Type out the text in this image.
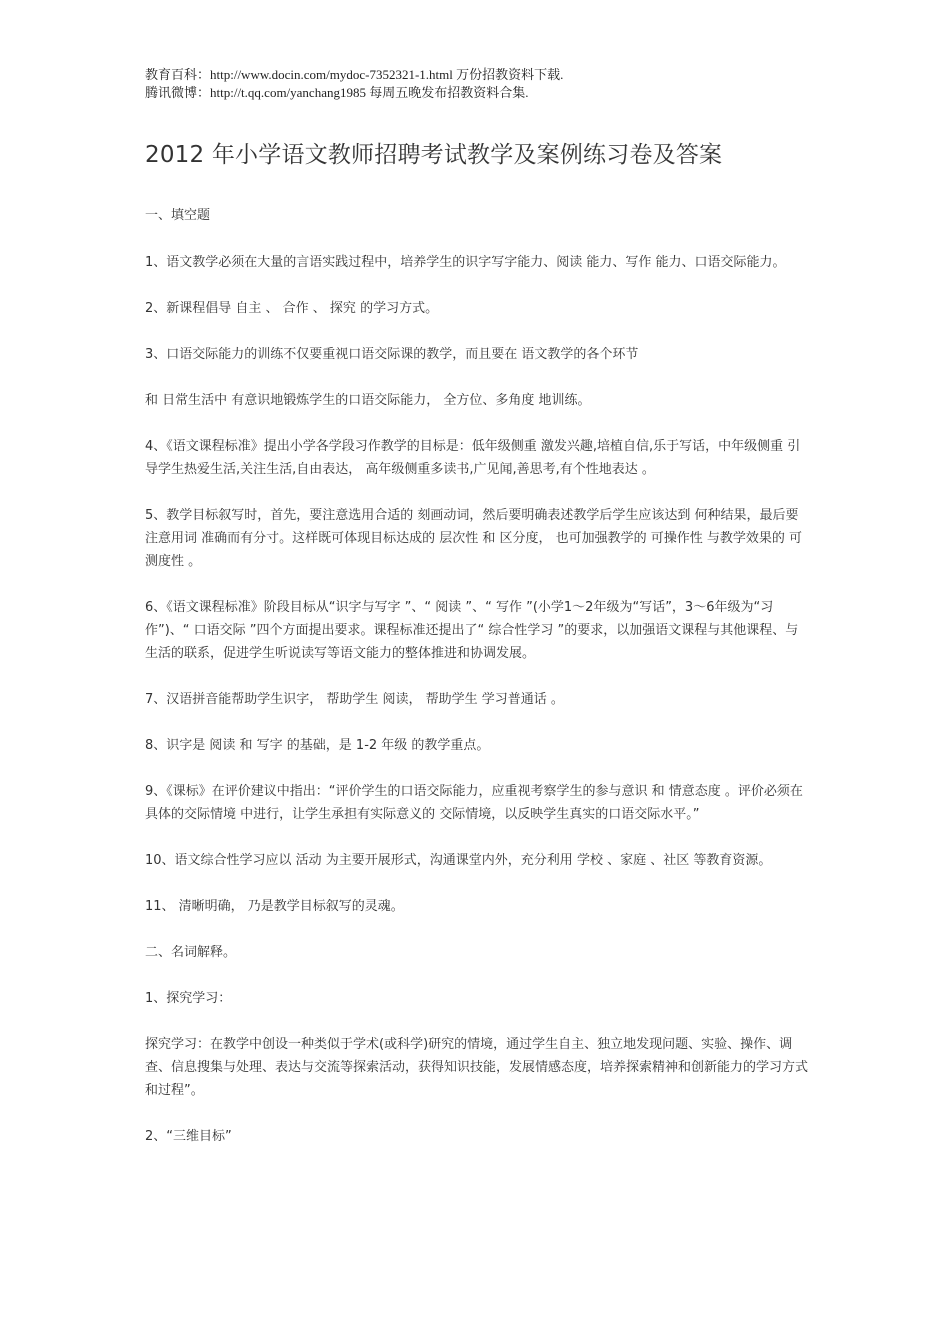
教育百科：http://www.docin.com/mydoc-7352321-1.html 万份招教资料下载.
腾讯微博：http://t.qq.com/yanchang1985 每周五晚发布招教资料合集.
2012 年小学语文教师招聘考试教学及案例练习卷及答案
一、填空题

1、语文教学必须在大量的言语实践过程中，培养学生的识字写字能力、阅读 能力、写作 能力、口语交际能力。

2、新课程倡导 自主 、 合作 、 探究 的学习方式。

3、口语交际能力的训练不仅要重视口语交际课的教学，而且要在 语文教学的各个环节

和 日常生活中 有意识地锻炼学生的口语交际能力， 全方位、多角度 地训练。

4、《语文课程标准》提出小学各学段习作教学的目标是：低年级侧重 激发兴趣,培植自信,乐于写话，中年级侧重 引导学生热爱生活,关注生活,自由表达， 高年级侧重多读书,广见闻,善思考,有个性地表达 。

5、教学目标叙写时，首先，要注意选用合适的 刻画动词，然后要明确表述教学后学生应该达到 何种结果，最后要注意用词 准确而有分寸。这样既可体现目标达成的 层次性 和 区分度， 也可加强教学的 可操作性 与教学效果的 可测度性 。

6、《语文课程标准》阶段目标从“识字与写字 ”、“ 阅读 ”、“ 写作 ”(小学1～2年级为“写话”，3～6年级为“习作”)、“ 口语交际 ”四个方面提出要求。课程标准还提出了“ 综合性学习 ”的要求，以加强语文课程与其他课程、与生活的联系，促进学生听说读写等语文能力的整体推进和协调发展。

7、汉语拼音能帮助学生识字， 帮助学生 阅读， 帮助学生 学习普通话 。

8、识字是 阅读 和 写字 的基础，是 1-2 年级 的教学重点。

9、《课标》在评价建议中指出：“评价学生的口语交际能力，应重视考察学生的参与意识 和 情意态度 。评价必须在具体的交际情境 中进行，让学生承担有实际意义的 交际情境，以反映学生真实的口语交际水平。”

10、语文综合性学习应以 活动 为主要开展形式，沟通课堂内外，充分利用 学校 、家庭 、社区 等教育资源。

11、 清晰明确， 乃是教学目标叙写的灵魂。

二、名词解释。

1、探究学习：

探究学习：在教学中创设一种类似于学术(或科学)研究的情境，通过学生自主、独立地发现问题、实验、操作、调查、信息搜集与处理、表达与交流等探索活动，获得知识技能，发展情感态度，培养探索精神和创新能力的学习方式和过程”。

2、“三维目标”
